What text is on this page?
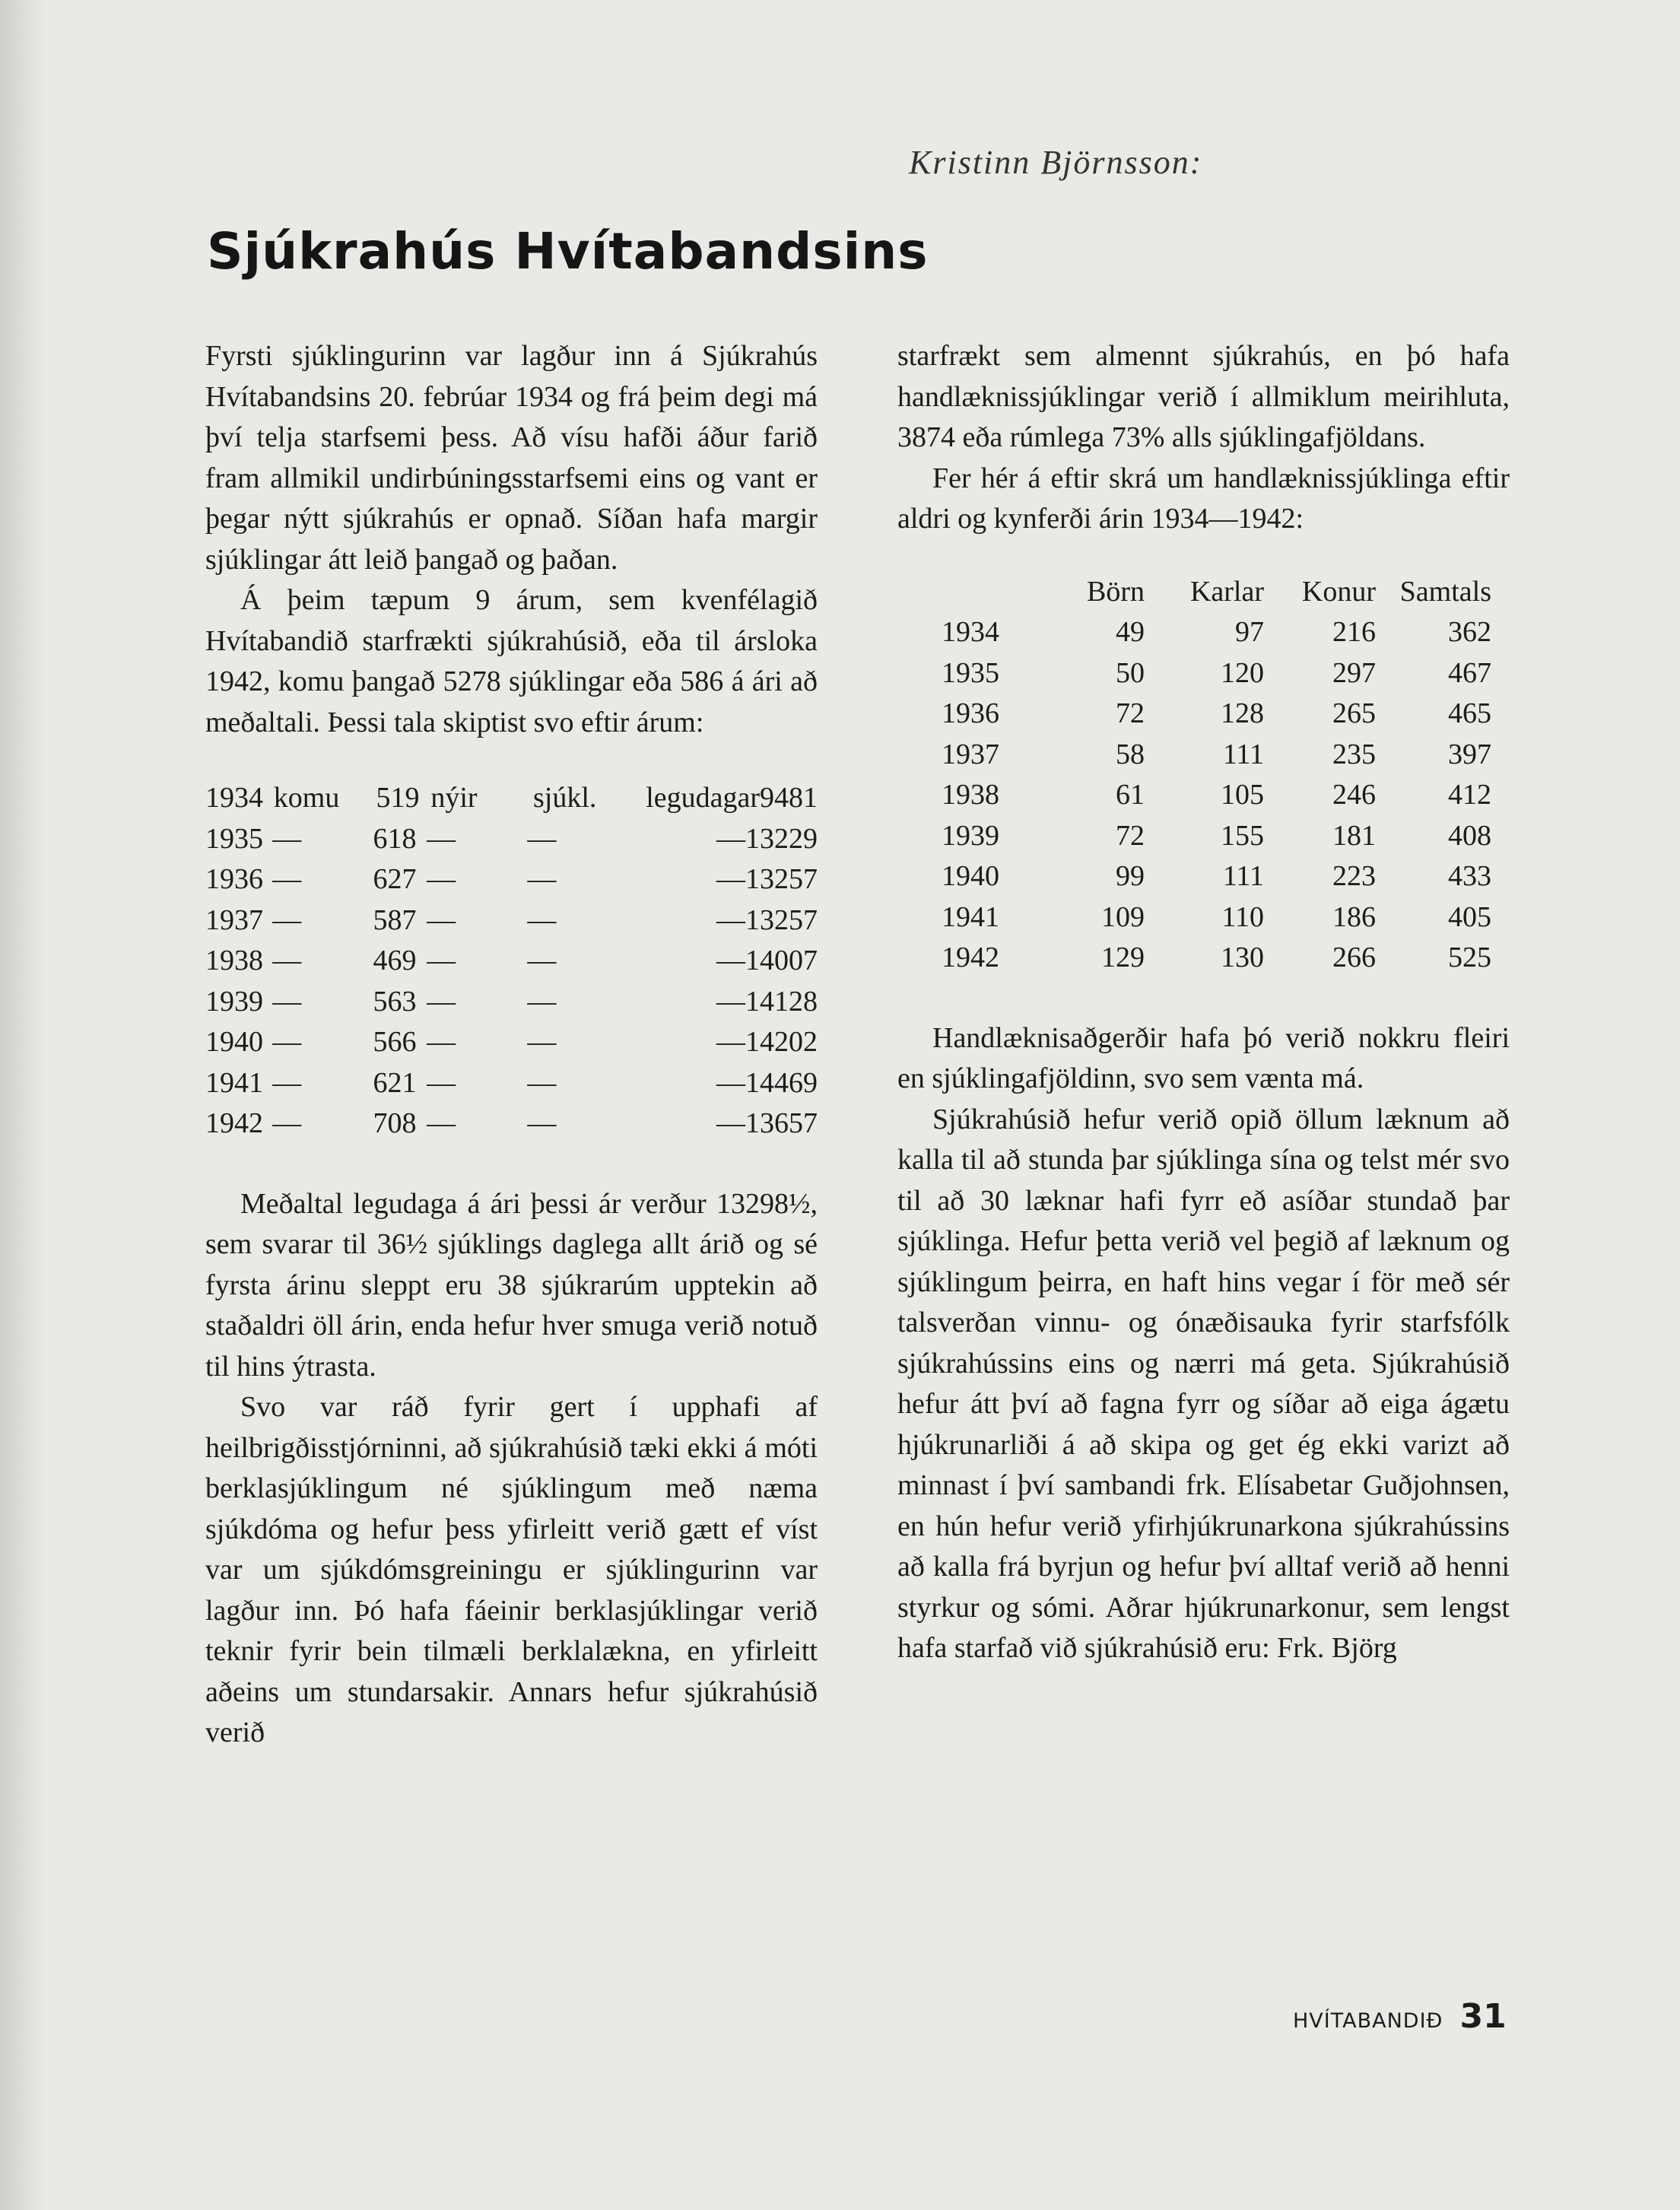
Kristinn Björnsson:
Sjúkrahús Hvítabandsins

Fyrsti sjúklingurinn var lagður inn á Sjúkrahús Hvítabandsins 20. febrúar 1934 og frá þeim degi má því telja starfsemi þess. Að vísu hafði áður farið fram allmikil undirbúningsstarfsemi eins og vant er þegar nýtt sjúkrahús er opnað. Síðan hafa margir sjúklingar átt leið þangað og þaðan.

Á þeim tæpum 9 árum, sem kvenfélagið Hvítabandið starfrækti sjúkrahúsið, eða til ársloka 1942, komu þangað 5278 sjúklingar eða 586 á ári að meðaltali. Þessi tala skiptist svo eftir árum:

1934 komu	519 nýir	sjúkl.	legudagar 9481
1935 —	618 —	—	— 13229
1936 —	627 —	—	— 13257
1937 —	587 —	—	— 13257
1938 —	469 —	—	— 14007
1939 —	563 —	—	— 14128
1940 —	566 —	—	— 14202
1941 —	621 —	—	— 14469
1942 —	708 —	—	— 13657

Meðaltal legudaga á ári þessi ár verður 13298½, sem svarar til 36½ sjúklings daglega allt árið og sé fyrsta árinu sleppt eru 38 sjúkrarúm upptekin að staðaldri öll árin, enda hefur hver smuga verið notuð til hins ýtrasta.

Svo var ráð fyrir gert í upphafi af heilbrigðisstjórninni, að sjúkrahúsið tæki ekki á móti berklasjúklingum né sjúklingum með næma sjúkdóma og hefur þess yfirleitt verið gætt ef víst var um sjúkdómsgreiningu er sjúklingurinn var lagður inn. Þó hafa fáeinir berklasjúklingar verið teknir fyrir bein tilmæli berklalækna, en yfirleitt aðeins um stundarsakir. Annars hefur sjúkrahúsið verið

starfrækt sem almennt sjúkrahús, en þó hafa handlæknissjúklingar verið í allmiklum meirihluta, 3874 eða rúmlega 73% alls sjúklingafjöldans.

Fer hér á eftir skrá um handlæknissjúklinga eftir aldri og kynferði árin 1934—1942:

	Börn	Karlar	Konur	Samtals
1934	49	97	216	362
1935	50	120	297	467
1936	72	128	265	465
1937	58	111	235	397
1938	61	105	246	412
1939	72	155	181	408
1940	99	111	223	433
1941	109	110	186	405
1942	129	130	266	525

Handlæknisaðgerðir hafa þó verið nokkru fleiri en sjúklingafjöldinn, svo sem vænta má.

Sjúkrahúsið hefur verið opið öllum læknum að kalla til að stunda þar sjúklinga sína og telst mér svo til að 30 læknar hafi fyrr eð asíðar stundað þar sjúklinga. Hefur þetta verið vel þegið af læknum og sjúklingum þeirra, en haft hins vegar í för með sér talsverðan vinnu- og ónæðisauka fyrir starfsfólk sjúkrahússins eins og nærri má geta. Sjúkrahúsið hefur átt því að fagna fyrr og síðar að eiga ágætu hjúkrunarliði á að skipa og get ég ekki varizt að minnast í því sambandi frk. Elísabetar Guðjohnsen, en hún hefur verið yfirhjúkrunarkona sjúkrahússins að kalla frá byrjun og hefur því alltaf verið að henni styrkur og sómi. Aðrar hjúkrunarkonur, sem lengst hafa starfað við sjúkrahúsið eru: Frk. Björg

HVÍTABANDIÐ 31
